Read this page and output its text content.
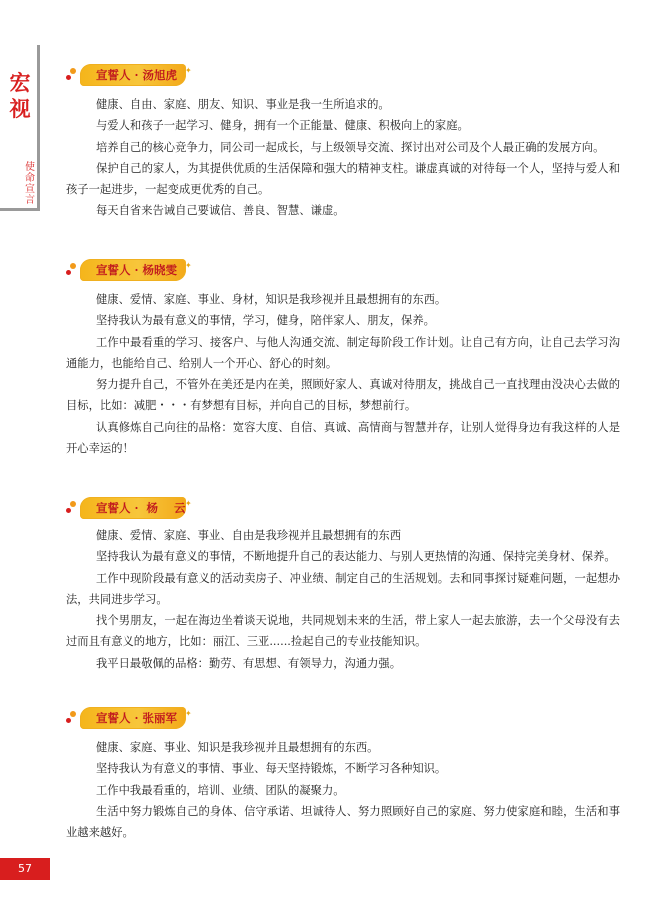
宏
视
使命宣言
宣誓人 · 汤旭虎 ✦

健康、自由、家庭、朋友、知识、事业是我一生所追求的。

与爱人和孩子一起学习、健身，拥有一个正能量、健康、积极向上的家庭。

培养自己的核心竞争力，同公司一起成长，与上级领导交流、探讨出对公司及个人最正确的发展方向。

保护自己的家人，为其提供优质的生活保障和强大的精神支柱。谦虚真诚的对待每一个人，坚持与爱人和孩子一起进步，一起变成更优秀的自己。

每天自省来告诫自己要诚信、善良、智慧、谦虚。

宣誓人 · 杨晓雯 ✦

健康、爱情、家庭、事业、身材，知识是我珍视并且最想拥有的东西。

坚持我认为最有意义的事情，学习，健身，陪伴家人、朋友，保养。

工作中最看重的学习、接客户、与他人沟通交流、制定每阶段工作计划。让自己有方向，让自己去学习沟通能力，也能给自己、给别人一个开心、舒心的时刻。

努力提升自己，不管外在美还是内在美，照顾好家人、真诚对待朋友，挑战自己一直找理由没决心去做的目标，比如：减肥・・・有梦想有目标，并向自己的目标，梦想前行。

认真修炼自己向往的品格：宽容大度、自信、真诚、高情商与智慧并存，让别人觉得身边有我这样的人是开心幸运的！

宣誓人 ·  杨    云 ✦

健康、爱情、家庭、事业、自由是我珍视并且最想拥有的东西

坚持我认为最有意义的事情，不断地提升自己的表达能力、与别人更热情的沟通、保持完美身材、保养。

工作中现阶段最有意义的活动卖房子、冲业绩、制定自己的生活规划。去和同事探讨疑难问题，一起想办法，共同进步学习。

找个男朋友，一起在海边坐着谈天说地，共同规划未来的生活，带上家人一起去旅游，去一个父母没有去过而且有意义的地方，比如：丽江、三亚......捡起自己的专业技能知识。

我平日最敬佩的品格：勤劳、有思想、有领导力，沟通力强。

宣誓人 · 张丽军 ✦

健康、家庭、事业、知识是我珍视并且最想拥有的东西。

坚持我认为有意义的事情、事业、每天坚持锻炼，不断学习各种知识。

工作中我最看重的，培训、业绩、团队的凝聚力。

生活中努力锻炼自己的身体、信守承诺、坦诚待人、努力照顾好自己的家庭、努力使家庭和睦，生活和事业越来越好。

57
